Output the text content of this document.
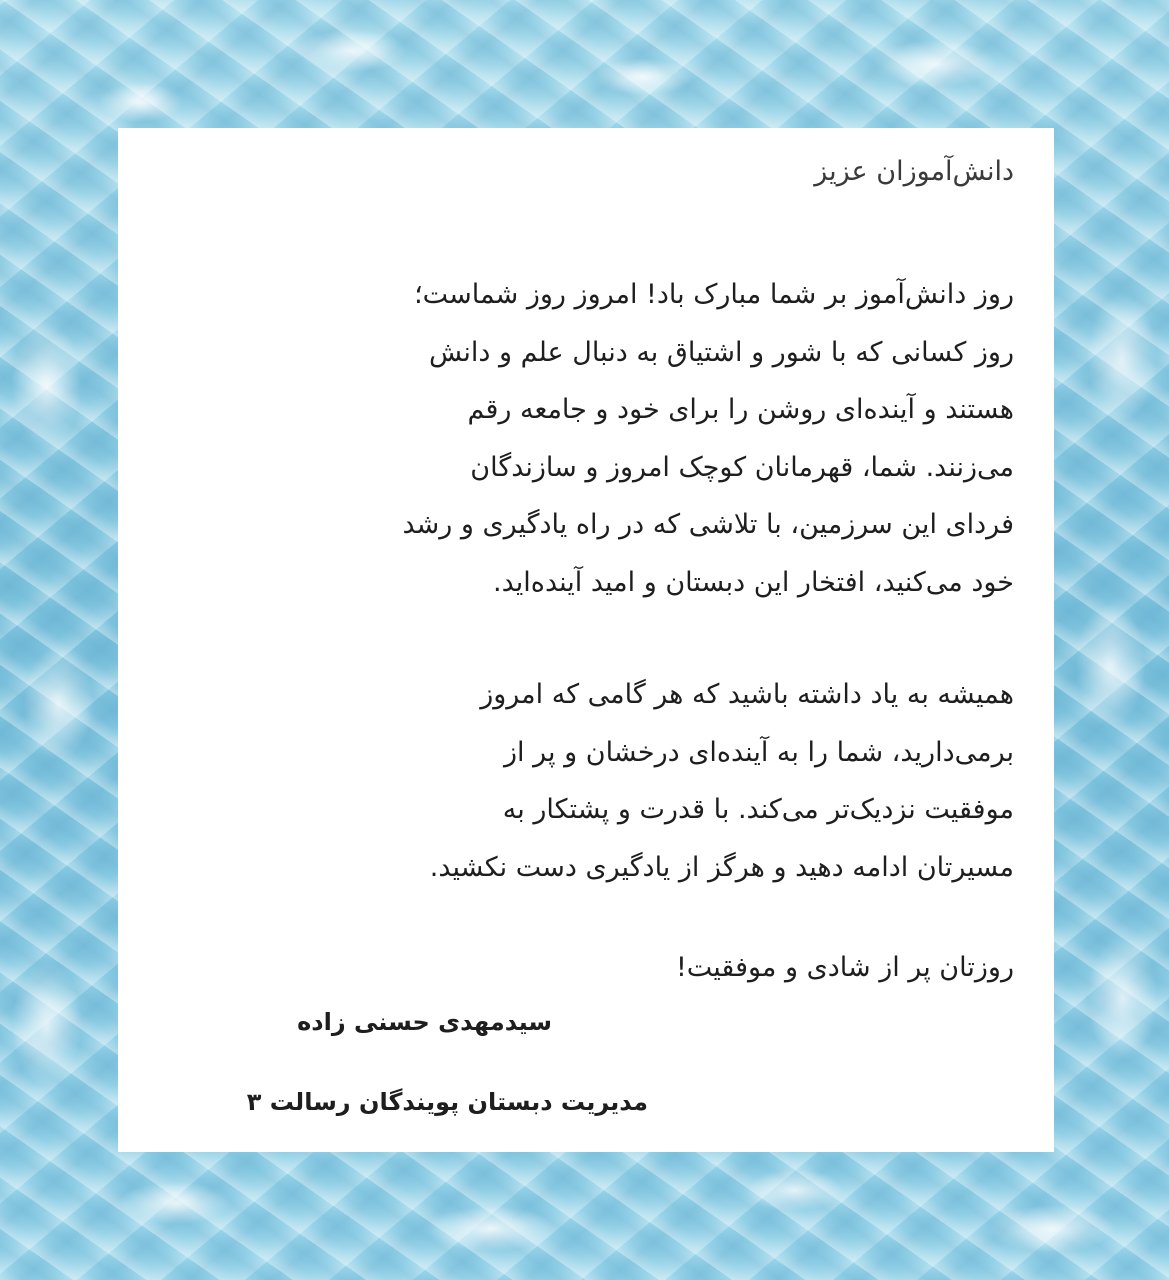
دانش‌آموزان عزیز

روز دانش‌آموز بر شما مبارک باد! امروز روز شماست؛
روز کسانی که با شور و اشتیاق به دنبال علم و دانش
هستند و آینده‌ای روشن را برای خود و جامعه رقم
می‌زنند. شما، قهرمانان کوچک امروز و سازندگان
فردای این سرزمین، با تلاشی که در راه یادگیری و رشد
خود می‌کنید، افتخار این دبستان و امید آینده‌اید.

همیشه به یاد داشته باشید که هر گامی که امروز
برمی‌دارید، شما را به آینده‌ای درخشان و پر از
موفقیت نزدیک‌تر می‌کند. با قدرت و پشتکار به
مسیرتان ادامه دهید و هرگز از یادگیری دست نکشید.

روزتان پر از شادی و موفقیت!
سیدمهدی حسنی زاده
مدیریت دبستان پویندگان رسالت ۳
